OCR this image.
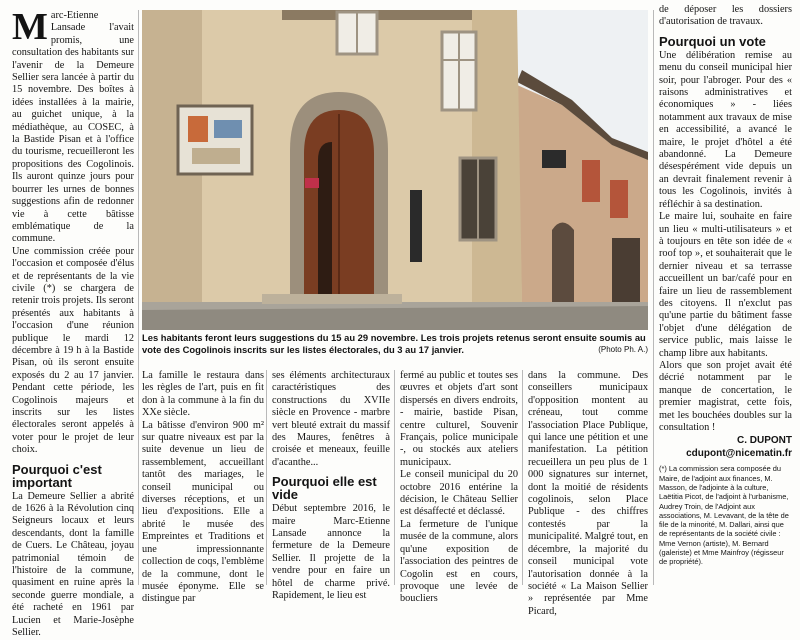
Marc-Etienne Lansade l'avait promis, une consultation des habitants sur l'avenir de la Demeure Sellier sera lancée à partir du 15 novembre. Des boîtes à idées installées à la mairie, au guichet unique, à la médiathèque, au COSEC, à la Bastide Pisan et à l'office du tourisme, recueilleront les propositions des Cogolinois. Ils auront quinze jours pour bourrer les urnes de bonnes suggestions afin de redonner vie à cette bâtisse emblématique de la commune.

Une commission créée pour l'occasion et composée d'élus et de représentants de la vie civile (*) se chargera de retenir trois projets. Ils seront présentés aux habitants à l'occasion d'une réunion publique le mardi 12 décembre à 19 h à la Bastide Pisan, où ils seront ensuite exposés du 2 au 17 janvier. Pendant cette période, les Cogolinois majeurs et inscrits sur les listes électorales seront appelés à voter pour le projet de leur choix.

Pourquoi c'est important

La Demeure Sellier a abrité de 1626 à la Révolution cinq Seigneurs locaux et leurs descendants, dont la famille de Cuers. Le Château, joyau patrimonial témoin de l'histoire de la commune, quasiment en ruine après la seconde guerre mondiale, a été racheté en 1961 par Lucien et Marie-Josèphe Sellier.

Les habitants feront leurs suggestions du 15 au 29 novembre. Les trois projets retenus seront ensuite soumis au vote des Cogolinois inscrits sur les listes électorales, du 3 au 17 janvier.	(Photo Ph. A.)

La famille le restaura dans les règles de l'art, puis en fit don à la commune à la fin du XXe siècle.

La bâtisse d'environ 900 m² sur quatre niveaux est par la suite devenue un lieu de rassemblement, accueillant tantôt des mariages, le conseil municipal ou diverses réceptions, et un lieu d'expositions. Elle a abrité le musée des Empreintes et Traditions et une impressionnante collection de coqs, l'emblème de la commune, dont le musée éponyme. Elle se distingue par

ses éléments architecturaux caractéristiques des constructions du XVIIe siècle en Provence - marbre vert bleuté extrait du massif des Maures, fenêtres à croisée et meneaux, feuille d'acanthe...

Pourquoi elle est vide

Début septembre 2016, le maire Marc-Etienne Lansade annonce la fermeture de la Demeure Sellier. Il projette de la vendre pour en faire un hôtel de charme privé. Rapidement, le lieu est

fermé au public et toutes ses œuvres et objets d'art sont dispersés en divers endroits, - mairie, bastide Pisan, centre culturel, Souvenir Français, police municipale -, ou stockés aux ateliers municipaux.

Le conseil municipal du 20 octobre 2016 entérine la décision, le Château Sellier est désaffecté et déclassé.

La fermeture de l'unique musée de la commune, alors qu'une exposition de l'association des peintres de Cogolin est en cours, provoque une levée de boucliers

dans la commune. Des conseillers municipaux d'opposition montent au créneau, tout comme l'association Place Publique, qui lance une pétition et une manifestation. La pétition recueillera un peu plus de 1 000 signatures sur internet, dont la moitié de résidents cogolinois, selon Place Publique - des chiffres contestés par la municipalité. Malgré tout, en décembre, la majorité du conseil municipal vote l'autorisation donnée à la société « La Maison Sellier » représentée par Mme Picard,

de déposer les dossiers d'autorisation de travaux.

Pourquoi un vote

Une délibération remise au menu du conseil municipal hier soir, pour l'abroger. Pour des « raisons administratives et économiques » - liées notamment aux travaux de mise en accessibilité, a avancé le maire, le projet d'hôtel a été abandonné. La Demeure désespérément vide depuis un an devrait finalement revenir à tous les Cogolinois, invités à réfléchir à sa destination.

Le maire lui, souhaite en faire un lieu « multi-utilisateurs » et à toujours en tête son idée de « roof top », et souhaiterait que le dernier niveau et sa terrasse accueillent un bar/café pour en faire un lieu de rassemblement des citoyens. Il n'exclut pas qu'une partie du bâtiment fasse l'objet d'une délégation de service public, mais laisse le champ libre aux habitants.

Alors que son projet avait été décrié notamment par le manque de concertation, le premier magistrat, cette fois, met les bouchées doubles sur la consultation !

C. DUPONT
cdupont@nicematin.fr
(*) La commission sera composée du Maire, de l'adjoint aux finances, M. Masson, de l'adjointe à la culture, Laëtitia Picot, de l'adjoint à l'urbanisme, Audrey Troin, de l'Adjoint aux associations, M. Levavant, de la tête de file de la minorité, M. Dallari, ainsi que de représentants de la société civile : Mme Vernon (artiste), M. Bernard (galeriste) et Mme Mainfroy (régisseur de propriété).
